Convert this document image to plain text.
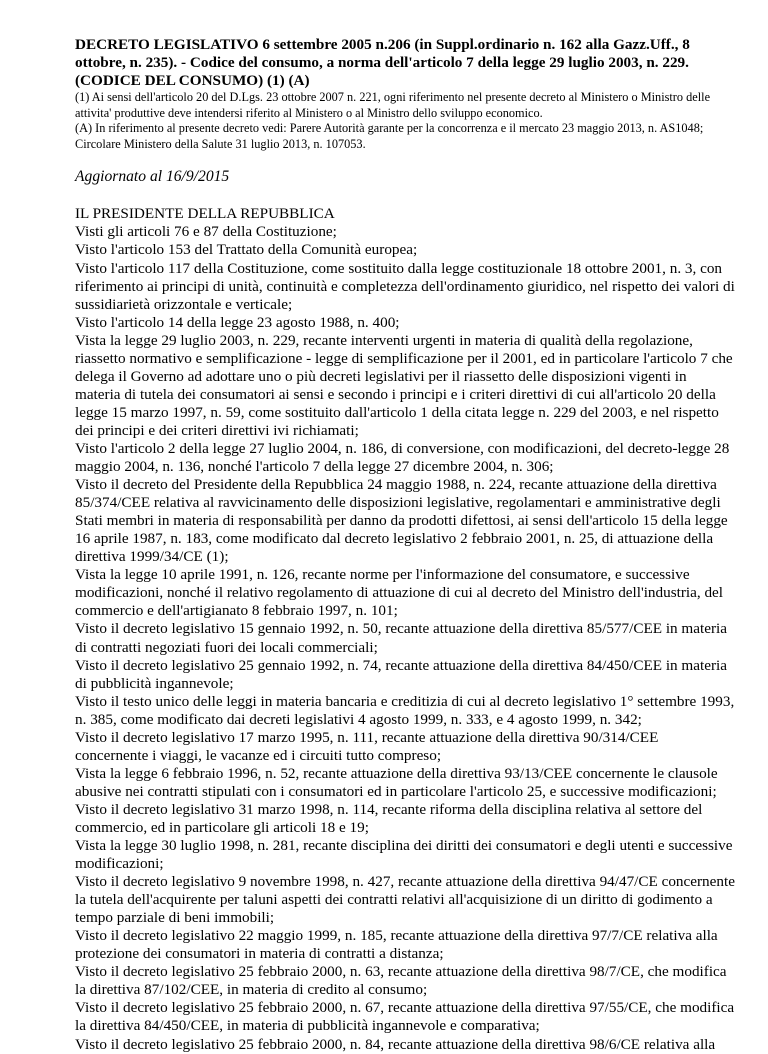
DECRETO LEGISLATIVO 6 settembre 2005 n.206 (in Suppl.ordinario n. 162 alla Gazz.Uff., 8 ottobre, n. 235). - Codice del consumo, a norma dell'articolo 7 della legge 29 luglio 2003, n. 229. (CODICE DEL CONSUMO) (1) (A)
(1) Ai sensi dell'articolo 20 del D.Lgs. 23 ottobre 2007 n. 221, ogni riferimento nel presente decreto al Ministero o Ministro delle attivita' produttive deve intendersi riferito al Ministero o al Ministro dello sviluppo economico.
(A) In riferimento al presente decreto vedi: Parere Autorità garante per la concorrenza e il mercato 23 maggio 2013, n. AS1048; Circolare Ministero della Salute 31 luglio 2013, n. 107053.

Aggiornato al 16/9/2015

IL PRESIDENTE DELLA REPUBBLICA
Visti gli articoli 76 e 87 della Costituzione;
Visto l'articolo 153 del Trattato della Comunità europea;
Visto l'articolo 117 della Costituzione, come sostituito dalla legge costituzionale 18 ottobre 2001, n. 3, con riferimento ai principi di unità, continuità e completezza dell'ordinamento giuridico, nel rispetto dei valori di sussidiarietà orizzontale e verticale;
Visto l'articolo 14 della legge 23 agosto 1988, n. 400;
Vista la legge 29 luglio 2003, n. 229, recante interventi urgenti in materia di qualità della regolazione, riassetto normativo e semplificazione - legge di semplificazione per il 2001, ed in particolare l'articolo 7 che delega il Governo ad adottare uno o più decreti legislativi per il riassetto delle disposizioni vigenti in materia di tutela dei consumatori ai sensi e secondo i principi e i criteri direttivi di cui all'articolo 20 della legge 15 marzo 1997, n. 59, come sostituito dall'articolo 1 della citata legge n. 229 del 2003, e nel rispetto dei principi e dei criteri direttivi ivi richiamati;
Visto l'articolo 2 della legge 27 luglio 2004, n. 186, di conversione, con modificazioni, del decreto-legge 28 maggio 2004, n. 136, nonché l'articolo 7 della legge 27 dicembre 2004, n. 306;
Visto il decreto del Presidente della Repubblica 24 maggio 1988, n. 224, recante attuazione della direttiva 85/374/CEE relativa al ravvicinamento delle disposizioni legislative, regolamentari e amministrative degli Stati membri in materia di responsabilità per danno da prodotti difettosi, ai sensi dell'articolo 15 della legge 16 aprile 1987, n. 183, come modificato dal decreto legislativo 2 febbraio 2001, n. 25, di attuazione della direttiva 1999/34/CE (1);
Vista la legge 10 aprile 1991, n. 126, recante norme per l'informazione del consumatore, e successive modificazioni, nonché il relativo regolamento di attuazione di cui al decreto del Ministro dell'industria, del commercio e dell'artigianato 8 febbraio 1997, n. 101;
Visto il decreto legislativo 15 gennaio 1992, n. 50, recante attuazione della direttiva 85/577/CEE in materia di contratti negoziati fuori dei locali commerciali;
Visto il decreto legislativo 25 gennaio 1992, n. 74, recante attuazione della direttiva 84/450/CEE in materia di pubblicità ingannevole;
Visto il testo unico delle leggi in materia bancaria e creditizia di cui al decreto legislativo 1° settembre 1993, n. 385, come modificato dai decreti legislativi 4 agosto 1999, n. 333, e 4 agosto 1999, n. 342;
Visto il decreto legislativo 17 marzo 1995, n. 111, recante attuazione della direttiva 90/314/CEE concernente i viaggi, le vacanze ed i circuiti tutto compreso;
Vista la legge 6 febbraio 1996, n. 52, recante attuazione della direttiva 93/13/CEE concernente le clausole abusive nei contratti stipulati con i consumatori ed in particolare l'articolo 25, e successive modificazioni;
Visto il decreto legislativo 31 marzo 1998, n. 114, recante riforma della disciplina relativa al settore del commercio, ed in particolare gli articoli 18 e 19;
Vista la legge 30 luglio 1998, n. 281, recante disciplina dei diritti dei consumatori e degli utenti e successive modificazioni;
Visto il decreto legislativo 9 novembre 1998, n. 427, recante attuazione della direttiva 94/47/CE concernente la tutela dell'acquirente per taluni aspetti dei contratti relativi all'acquisizione di un diritto di godimento a tempo parziale di beni immobili;
Visto il decreto legislativo 22 maggio 1999, n. 185, recante attuazione della direttiva 97/7/CE relativa alla protezione dei consumatori in materia di contratti a distanza;
Visto il decreto legislativo 25 febbraio 2000, n. 63, recante attuazione della direttiva 98/7/CE, che modifica la direttiva 87/102/CEE, in materia di credito al consumo;
Visto il decreto legislativo 25 febbraio 2000, n. 67, recante attuazione della direttiva 97/55/CE, che modifica la direttiva 84/450/CEE, in materia di pubblicità ingannevole e comparativa;
Visto il decreto legislativo 25 febbraio 2000, n. 84, recante attuazione della direttiva 98/6/CE relativa alla
